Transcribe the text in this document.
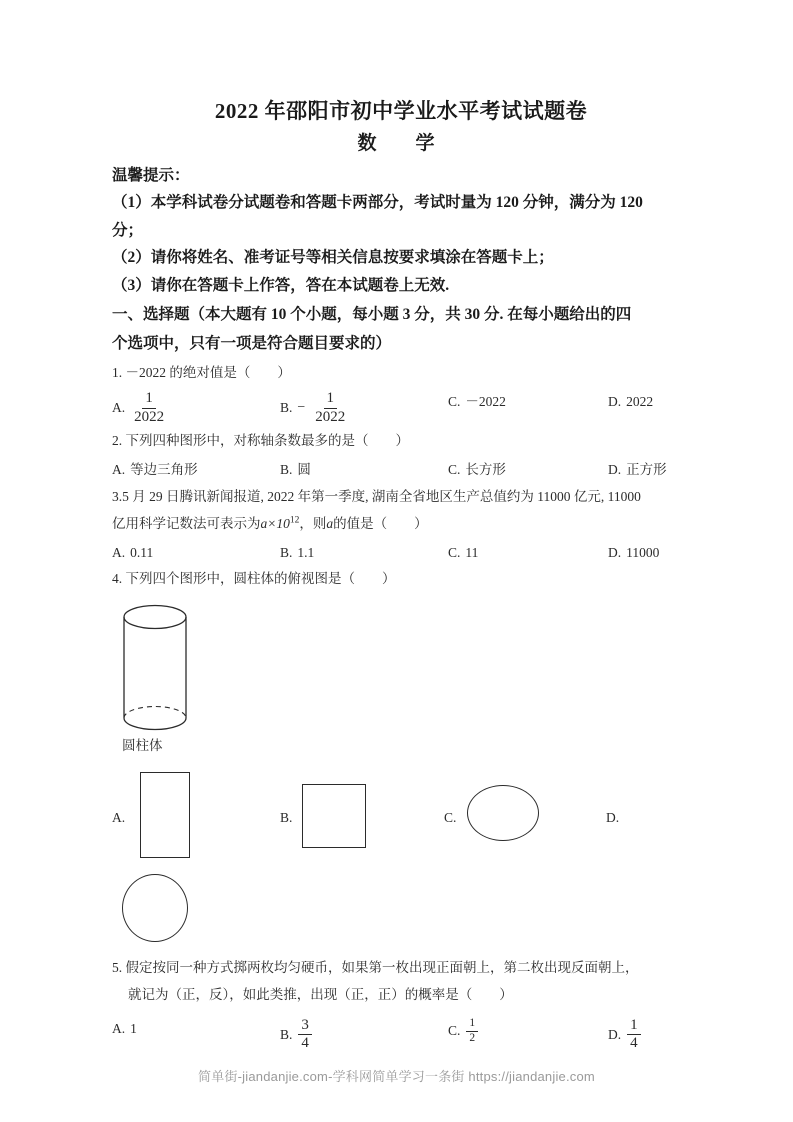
2022 年邵阳市初中学业水平考试试题卷
数　学
温馨提示：
（1）本学科试卷分试题卷和答题卡两部分，考试时量为 120 分钟，满分为 120
分；
（2）请你将姓名、准考证号等相关信息按要求填涂在答题卡上；
（3）请你在答题卡上作答，答在本试题卷上无效.
一、选择题（本大题有 10 个小题，每小题 3 分，共 30 分. 在每小题给出的四
个选项中，只有一项是符合题目要求的）
1. －2022 的绝对值是（　　）
A. $\frac{1}{2022}$	B. − $\frac{1}{2022}$	C. －2022	D. 2022
2. 下列四种图形中，对称轴条数最多的是（　　）
A. 等边三角形	B. 圆	C. 长方形	D. 正方形
3.5 月 29 日腾讯新闻报道, 2022 年第一季度, 湖南全省地区生产总值约为 11000 亿元, 11000
亿用科学记数法可表示为$a\times 10^{12}$，则a的值是（　　）
A. 0.11	B. 1.1	C. 11	D. 11000
4. 下列四个图形中，圆柱体的俯视图是（　　）
圆柱体
A.	B.	C.	D.
5. 假定按同一种方式掷两枚均匀硬币，如果第一枚出现正面朝上，第二枚出现反面朝上，
就记为（正，反），如此类推，出现（正，正）的概率是（　　）
A. 1	B. $\frac{3}{4}$	C. $\frac{1}{2}$	D. $\frac{1}{4}$
简单街-jiandanjie.com-学科网简单学习一条街 https://jiandanjie.com
